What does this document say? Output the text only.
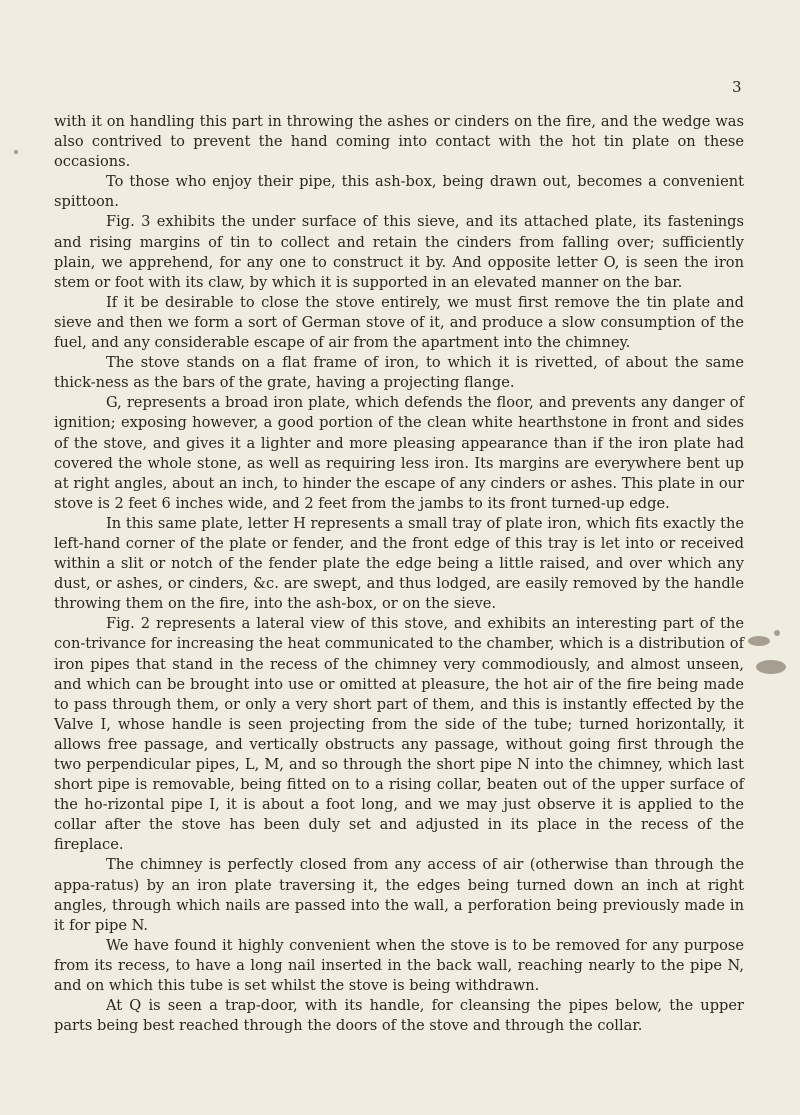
3

with it on handling this part in throwing the ashes or cinders on the fire, and the wedge was also contrived to prevent the hand coming into contact with the hot tin plate on these occasions.

To those who enjoy their pipe, this ash-box, being drawn out, becomes a convenient spittoon.

Fig. 3 exhibits the under surface of this sieve, and its attached plate, its fastenings and rising margins of tin to collect and retain the cinders from falling over; sufficiently plain, we apprehend, for any one to construct it by. And opposite letter O, is seen the iron stem or foot with its claw, by which it is supported in an elevated manner on the bar.

If it be desirable to close the stove entirely, we must first remove the tin plate and sieve and then we form a sort of German stove of it, and produce a slow consumption of the fuel, and any considerable escape of air from the apartment into the chimney.

The stove stands on a flat frame of iron, to which it is rivetted, of about the same thick-ness as the bars of the grate, having a projecting flange.

G, represents a broad iron plate, which defends the floor, and prevents any danger of ignition; exposing however, a good portion of the clean white hearthstone in front and sides of the stove, and gives it a lighter and more pleasing appearance than if the iron plate had covered the whole stone, as well as requiring less iron. Its margins are everywhere bent up at right angles, about an inch, to hinder the escape of any cinders or ashes. This plate in our stove is 2 feet 6 inches wide, and 2 feet from the jambs to its front turned-up edge.

In this same plate, letter H represents a small tray of plate iron, which fits exactly the left-hand corner of the plate or fender, and the front edge of this tray is let into or received within a slit or notch of the fender plate the edge being a little raised, and over which any dust, or ashes, or cinders, &c. are swept, and thus lodged, are easily removed by the handle throwing them on the fire, into the ash-box, or on the sieve.

Fig. 2 represents a lateral view of this stove, and exhibits an interesting part of the con-trivance for increasing the heat communicated to the chamber, which is a distribution of iron pipes that stand in the recess of the chimney very commodiously, and almost unseen, and which can be brought into use or omitted at pleasure, the hot air of the fire being made to pass through them, or only a very short part of them, and this is instantly effected by the Valve I, whose handle is seen projecting from the side of the tube; turned horizontally, it allows free passage, and vertically obstructs any passage, without going first through the two perpendicular pipes, L, M, and so through the short pipe N into the chimney, which last short pipe is removable, being fitted on to a rising collar, beaten out of the upper surface of the ho-rizontal pipe I, it is about a foot long, and we may just observe it is applied to the collar after the stove has been duly set and adjusted in its place in the recess of the fireplace.

The chimney is perfectly closed from any access of air (otherwise than through the appa-ratus) by an iron plate traversing it, the edges being turned down an inch at right angles, through which nails are passed into the wall, a perforation being previously made in it for pipe N.

We have found it highly convenient when the stove is to be removed for any purpose from its recess, to have a long nail inserted in the back wall, reaching nearly to the pipe N, and on which this tube is set whilst the stove is being withdrawn.

At Q is seen a trap-door, with its handle, for cleansing the pipes below, the upper parts being best reached through the doors of the stove and through the collar.
